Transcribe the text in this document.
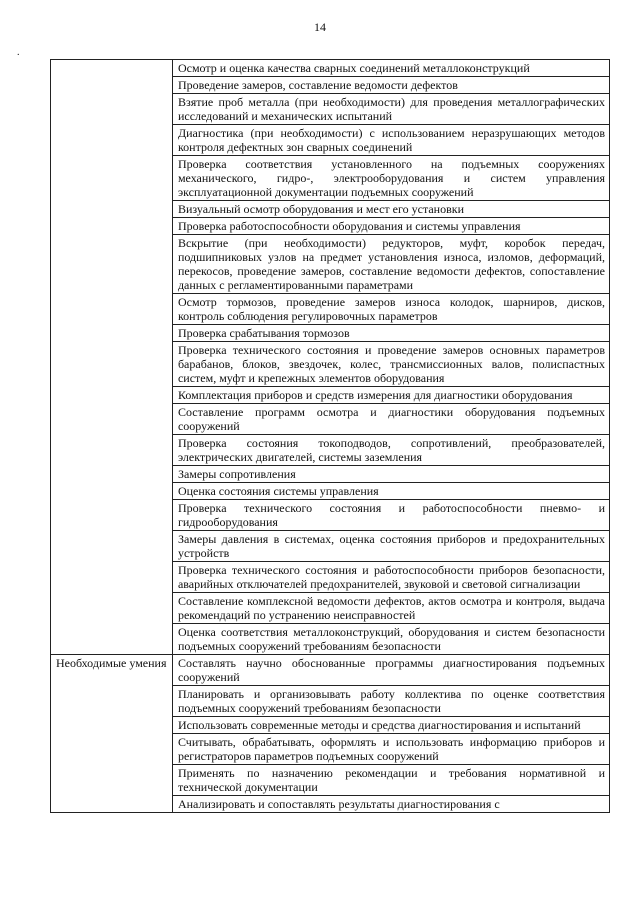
14
.
	Осмотр и оценка качества сварных соединений металлоконструкций
	Проведение замеров, составление ведомости дефектов
	Взятие проб металла (при необходимости) для проведения металлографических исследований и механических испытаний
	Диагностика (при необходимости) с использованием неразрушающих методов контроля дефектных зон сварных соединений
	Проверка соответствия установленного на подъемных сооружениях механического, гидро-, электрооборудования и систем управления эксплуатационной документации подъемных сооружений
	Визуальный осмотр оборудования и мест его установки
	Проверка работоспособности оборудования и системы управления
	Вскрытие (при необходимости) редукторов, муфт, коробок передач, подшипниковых узлов на предмет установления износа, изломов, деформаций, перекосов, проведение замеров, составление ведомости дефектов, сопоставление данных с регламентированными параметрами
	Осмотр тормозов, проведение замеров износа колодок, шарниров, дисков, контроль соблюдения регулировочных параметров
	Проверка срабатывания тормозов
	Проверка технического состояния и проведение замеров основных параметров барабанов, блоков, звездочек, колес, трансмиссионных валов, полиспастных систем, муфт и крепежных элементов оборудования
	Комплектация приборов и средств измерения для диагностики оборудования
	Составление программ осмотра и диагностики оборудования подъемных сооружений
	Проверка состояния токоподводов, сопротивлений, преобразователей, электрических двигателей, системы заземления
	Замеры сопротивления
	Оценка состояния системы управления
	Проверка технического состояния и работоспособности пневмо- и гидрооборудования
	Замеры давления в системах, оценка состояния приборов и предохранительных устройств
	Проверка технического состояния и работоспособности приборов безопасности, аварийных отключателей предохранителей, звуковой и световой сигнализации
	Составление комплексной ведомости дефектов, актов осмотра и контроля, выдача рекомендаций по устранению неисправностей
	Оценка соответствия металлоконструкций, оборудования и систем безопасности подъемных сооружений требованиям безопасности
Необходимые умения	Составлять научно обоснованные программы диагностирования подъемных сооружений
	Планировать и организовывать работу коллектива по оценке соответствия подъемных сооружений требованиям безопасности
	Использовать современные методы и средства диагностирования и испытаний
	Считывать, обрабатывать, оформлять и использовать информацию приборов и регистраторов параметров подъемных сооружений
	Применять по назначению рекомендации и требования нормативной и технической документации
	Анализировать и сопоставлять результаты диагностирования с
